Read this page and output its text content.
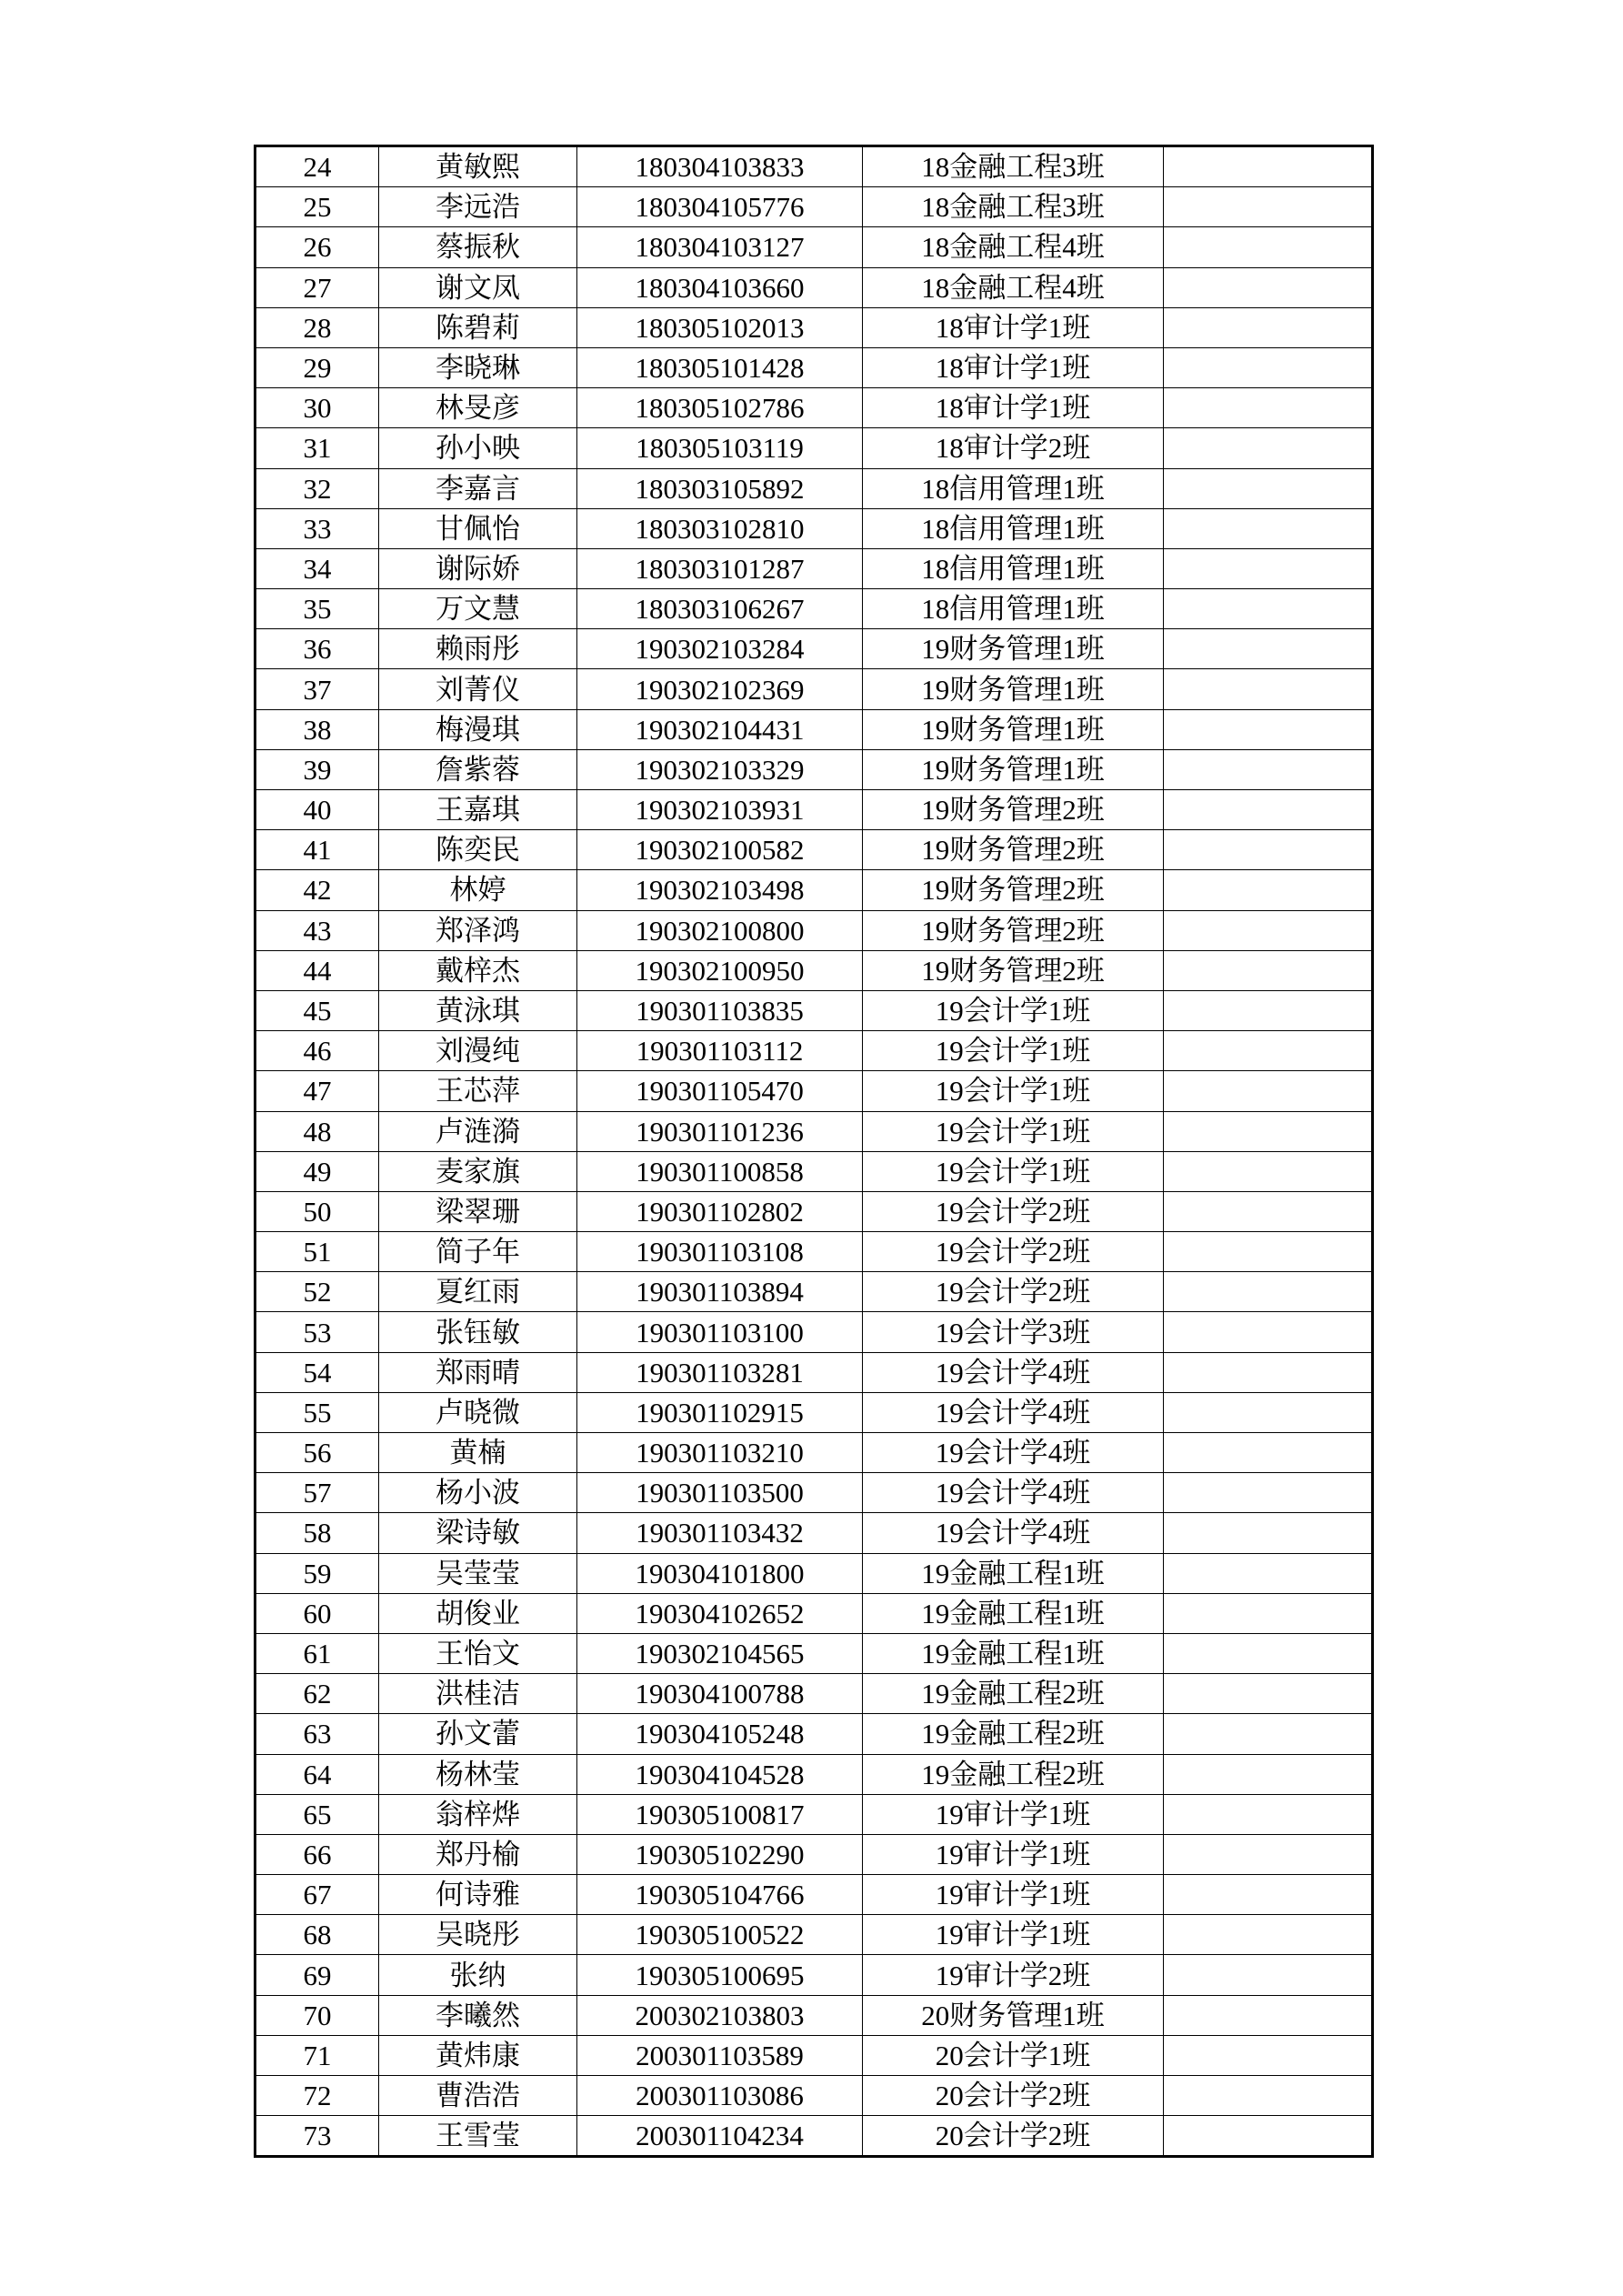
24	黄敏熙	180304103833	18金融工程3班	
25	李远浩	180304105776	18金融工程3班	
26	蔡振秋	180304103127	18金融工程4班	
27	谢文凤	180304103660	18金融工程4班	
28	陈碧莉	180305102013	18审计学1班	
29	李晓琳	180305101428	18审计学1班	
30	林旻彦	180305102786	18审计学1班	
31	孙小映	180305103119	18审计学2班	
32	李嘉言	180303105892	18信用管理1班	
33	甘佩怡	180303102810	18信用管理1班	
34	谢际娇	180303101287	18信用管理1班	
35	万文慧	180303106267	18信用管理1班	
36	赖雨彤	190302103284	19财务管理1班	
37	刘菁仪	190302102369	19财务管理1班	
38	梅漫琪	190302104431	19财务管理1班	
39	詹紫蓉	190302103329	19财务管理1班	
40	王嘉琪	190302103931	19财务管理2班	
41	陈奕民	190302100582	19财务管理2班	
42	林婷	190302103498	19财务管理2班	
43	郑泽鸿	190302100800	19财务管理2班	
44	戴梓杰	190302100950	19财务管理2班	
45	黄泳琪	190301103835	19会计学1班	
46	刘漫纯	190301103112	19会计学1班	
47	王芯萍	190301105470	19会计学1班	
48	卢涟漪	190301101236	19会计学1班	
49	麦家旗	190301100858	19会计学1班	
50	梁翠珊	190301102802	19会计学2班	
51	简子年	190301103108	19会计学2班	
52	夏红雨	190301103894	19会计学2班	
53	张钰敏	190301103100	19会计学3班	
54	郑雨晴	190301103281	19会计学4班	
55	卢晓微	190301102915	19会计学4班	
56	黄楠	190301103210	19会计学4班	
57	杨小波	190301103500	19会计学4班	
58	梁诗敏	190301103432	19会计学4班	
59	吴莹莹	190304101800	19金融工程1班	
60	胡俊业	190304102652	19金融工程1班	
61	王怡文	190302104565	19金融工程1班	
62	洪桂洁	190304100788	19金融工程2班	
63	孙文蕾	190304105248	19金融工程2班	
64	杨林莹	190304104528	19金融工程2班	
65	翁梓烨	190305100817	19审计学1班	
66	郑丹榆	190305102290	19审计学1班	
67	何诗雅	190305104766	19审计学1班	
68	吴晓彤	190305100522	19审计学1班	
69	张纳	190305100695	19审计学2班	
70	李曦然	200302103803	20财务管理1班	
71	黄炜康	200301103589	20会计学1班	
72	曹浩浩	200301103086	20会计学2班	
73	王雪莹	200301104234	20会计学2班	
